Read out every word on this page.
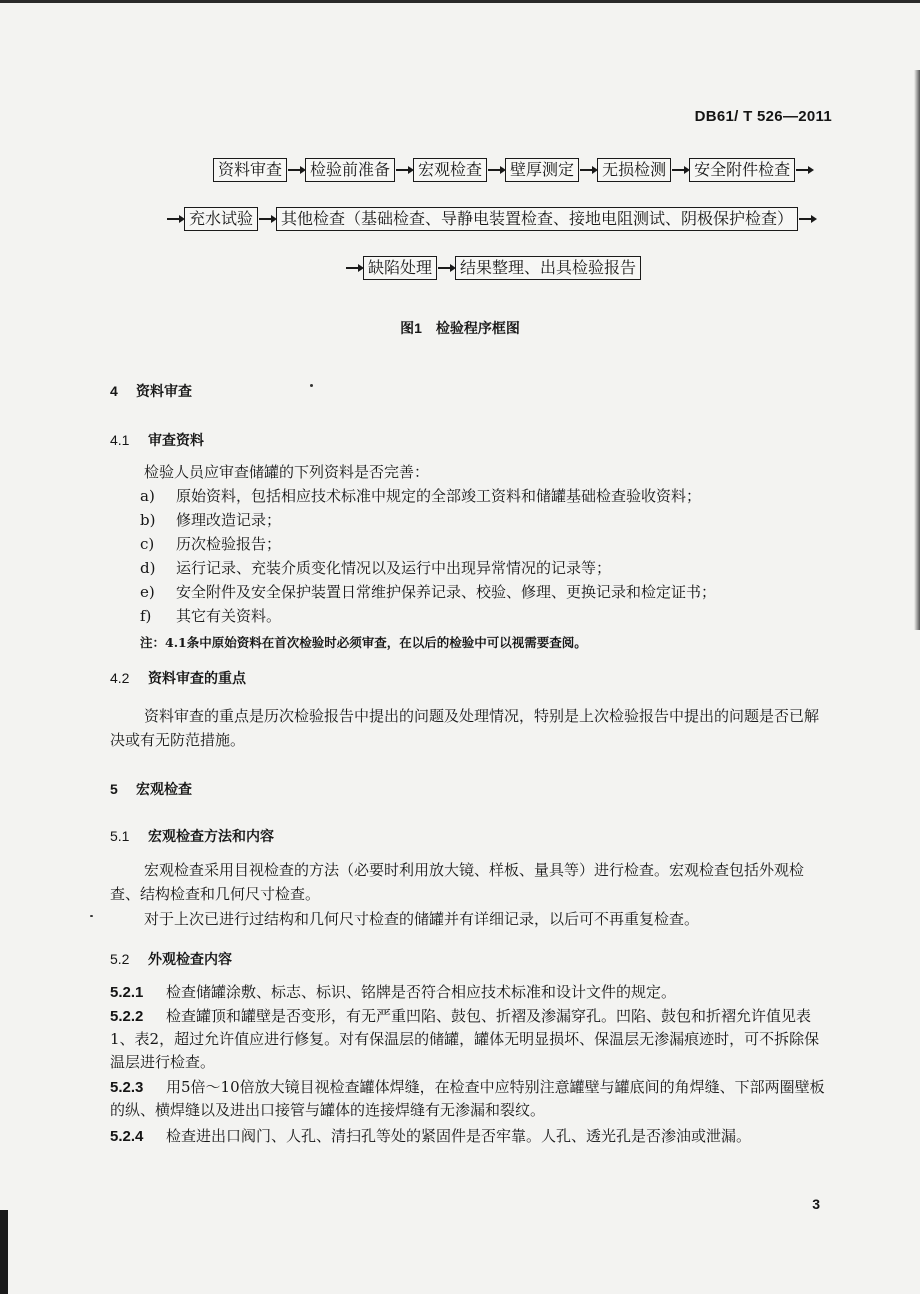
DB61/ T 526—2011
资料审查	检验前准备	宏观检查	壁厚测定	无损检测	安全附件检查
充水试验	其他检查（基础检查、导静电装置检查、接地电阻测试、阴极保护检查）
缺陷处理	结果整理、出具检验报告
图1　检验程序框图
4 资料审查
4.1 审查资料
检验人员应审查储罐的下列资料是否完善：
a) 原始资料，包括相应技术标准中规定的全部竣工资料和储罐基础检查验收资料；
b) 修理改造记录；
c) 历次检验报告；
d) 运行记录、充装介质变化情况以及运行中出现异常情况的记录等；
e) 安全附件及安全保护装置日常维护保养记录、校验、修理、更换记录和检定证书；
f) 其它有关资料。
注：4.1条中原始资料在首次检验时必须审查，在以后的检验中可以视需要查阅。
4.2 资料审查的重点
资料审查的重点是历次检验报告中提出的问题及处理情况，特别是上次检验报告中提出的问题是否已解决或有无防范措施。
5 宏观检查
5.1 宏观检查方法和内容
宏观检查采用目视检查的方法（必要时利用放大镜、样板、量具等）进行检查。宏观检查包括外观检查、结构检查和几何尺寸检查。
对于上次已进行过结构和几何尺寸检查的储罐并有详细记录，以后可不再重复检查。
5.2 外观检查内容
5.2.1 检查储罐涂敷、标志、标识、铭牌是否符合相应技术标准和设计文件的规定。
5.2.2 检查罐顶和罐壁是否变形，有无严重凹陷、鼓包、折褶及渗漏穿孔。凹陷、鼓包和折褶允许值见表1、表2，超过允许值应进行修复。对有保温层的储罐，罐体无明显损坏、保温层无渗漏痕迹时，可不拆除保温层进行检查。
5.2.3 用5倍～10倍放大镜目视检查罐体焊缝，在检查中应特别注意罐壁与罐底间的角焊缝、下部两圈壁板的纵、横焊缝以及进出口接管与罐体的连接焊缝有无渗漏和裂纹。
5.2.4 检查进出口阀门、人孔、清扫孔等处的紧固件是否牢靠。人孔、透光孔是否渗油或泄漏。
3
